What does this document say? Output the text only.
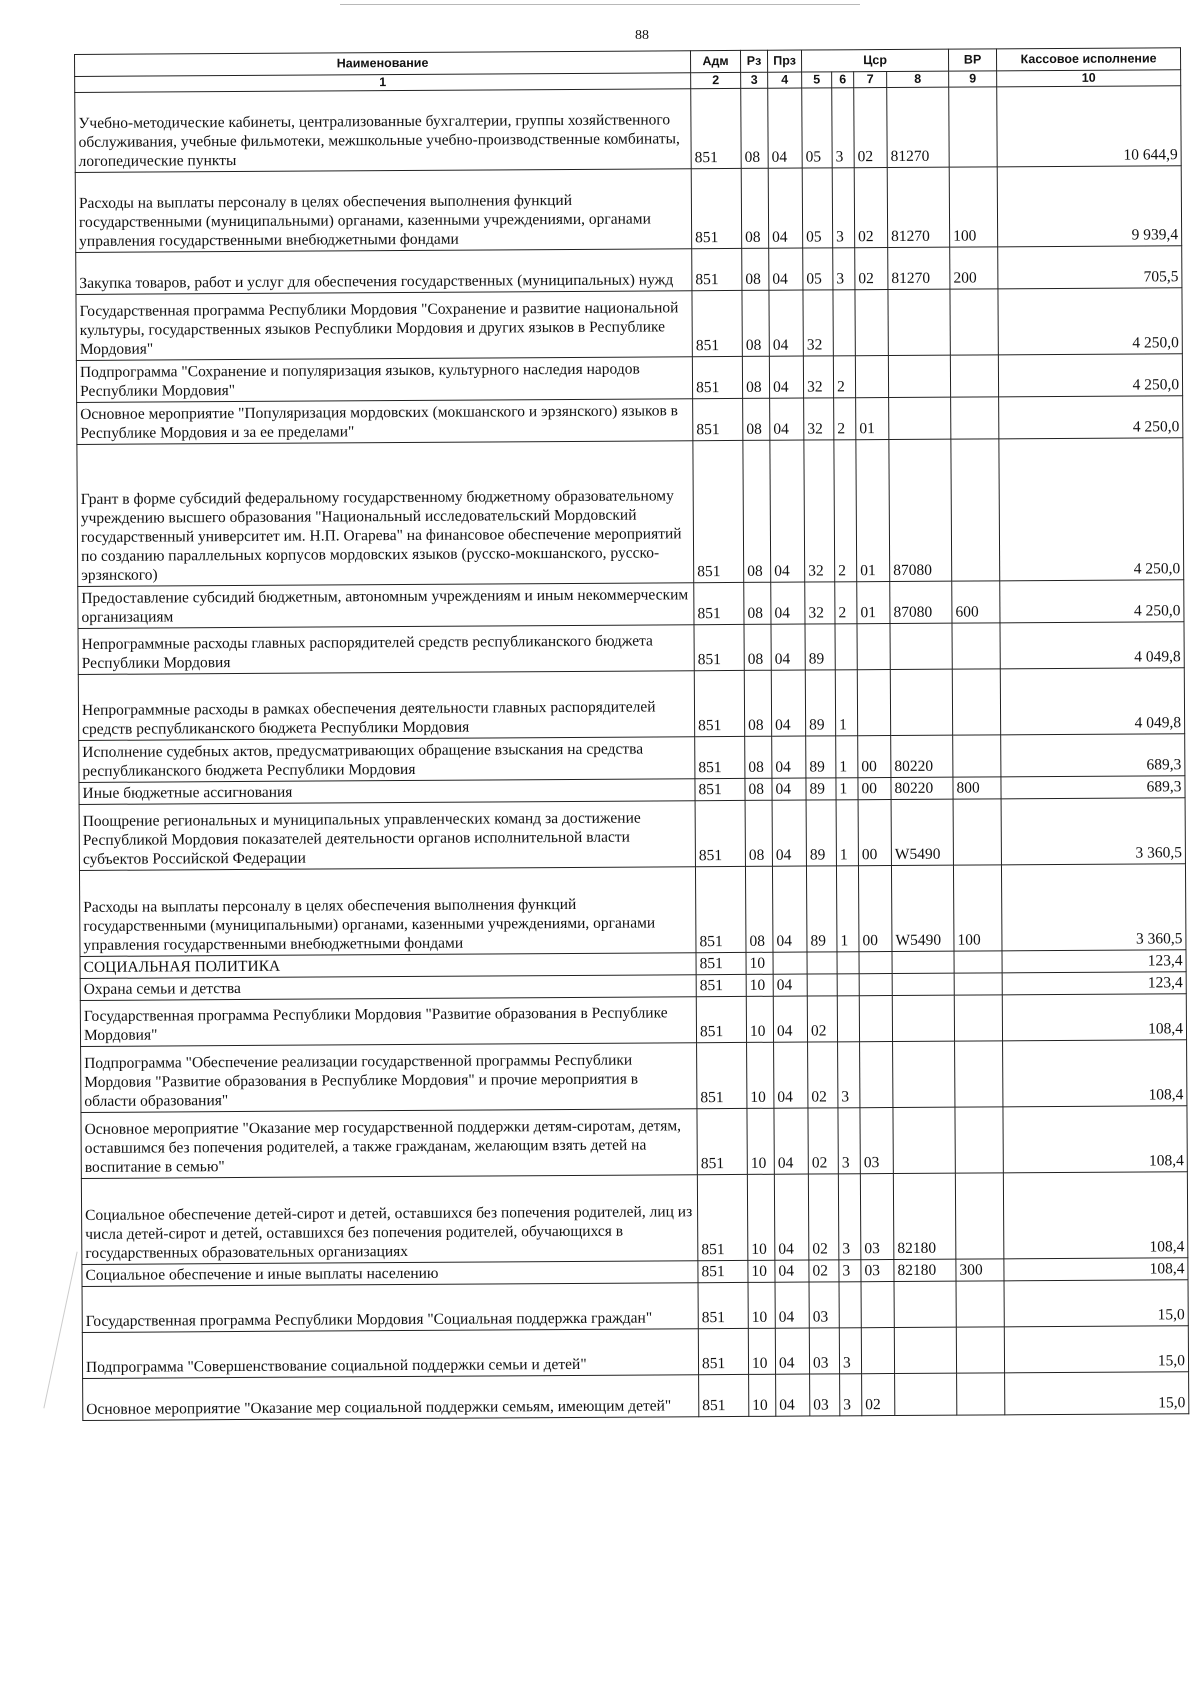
88
Наименование	Адм	Рз	Прз	Цср				ВР	Кассовое исполнение
1	2	3	4	5	6	7	8	9	10
Учебно-методические кабинеты, централизованные бухгалтерии, группы хозяйственного обслуживания, учебные фильмотеки, межшкольные учебно-производственные комбинаты, логопедические пункты	851	08	04	05	3	02	81270		10 644,9
Расходы на выплаты персоналу в целях обеспечения выполнения функций государственными (муниципальными) органами, казенными учреждениями, органами управления государственными внебюджетными фондами	851	08	04	05	3	02	81270	100	9 939,4
Закупка товаров, работ и услуг для обеспечения государственных (муниципальных) нужд	851	08	04	05	3	02	81270	200	705,5
Государственная программа Республики Мордовия "Сохранение и развитие национальной культуры, государственных языков Республики Мордовия и других языков в Республике Мордовия"	851	08	04	32					4 250,0
Подпрограмма "Сохранение и популяризация языков, культурного наследия народов Республики Мордовия"	851	08	04	32	2				4 250,0
Основное мероприятие "Популяризация мордовских (мокшанского и эрзянского) языков в Республике Мордовия и за ее пределами"	851	08	04	32	2	01			4 250,0
Грант в форме субсидий федеральному государственному бюджетному образовательному учреждению высшего образования "Национальный исследовательский Мордовский государственный университет им. Н.П. Огарева" на финансовое обеспечение мероприятий по созданию параллельных корпусов мордовских языков (русско-мокшанского, русско-эрзянского)	851	08	04	32	2	01	87080		4 250,0
Предоставление субсидий бюджетным, автономным учреждениям и иным некоммерческим организациям	851	08	04	32	2	01	87080	600	4 250,0
Непрограммные расходы главных распорядителей средств республиканского бюджета Республики Мордовия	851	08	04	89					4 049,8
Непрограммные расходы в рамках обеспечения деятельности главных распорядителей средств республиканского бюджета Республики Мордовия	851	08	04	89	1				4 049,8
Исполнение судебных актов, предусматривающих обращение взыскания на средства республиканского бюджета Республики Мордовия	851	08	04	89	1	00	80220		689,3
Иные бюджетные ассигнования	851	08	04	89	1	00	80220	800	689,3
Поощрение региональных и муниципальных управленческих команд за достижение Республикой Мордовия показателей деятельности органов исполнительной власти субъектов Российской Федерации	851	08	04	89	1	00	W5490		3 360,5
Расходы на выплаты персоналу в целях обеспечения выполнения функций государственными (муниципальными) органами, казенными учреждениями, органами управления государственными внебюджетными фондами	851	08	04	89	1	00	W5490	100	3 360,5
СОЦИАЛЬНАЯ ПОЛИТИКА	851	10							123,4
Охрана семьи и детства	851	10	04						123,4
Государственная программа Республики Мордовия "Развитие образования в Республике Мордовия"	851	10	04	02					108,4
Подпрограмма "Обеспечение реализации государственной программы Республики Мордовия "Развитие образования в Республике Мордовия" и прочие мероприятия в области образования"	851	10	04	02	3				108,4
Основное мероприятие "Оказание мер государственной поддержки детям-сиротам, детям, оставшимся без попечения родителей, а также гражданам, желающим взять детей на воспитание в семью"	851	10	04	02	3	03			108,4
Социальное обеспечение детей-сирот и детей, оставшихся без попечения родителей, лиц из числа детей-сирот и детей, оставшихся без попечения родителей, обучающихся в государственных образовательных организациях	851	10	04	02	3	03	82180		108,4
Социальное обеспечение и иные выплаты населению	851	10	04	02	3	03	82180	300	108,4
Государственная программа Республики Мордовия "Социальная поддержка граждан"	851	10	04	03					15,0
Подпрограмма "Совершенствование социальной поддержки семьи и детей"	851	10	04	03	3				15,0
Основное мероприятие "Оказание мер социальной поддержки семьям, имеющим детей"	851	10	04	03	3	02			15,0
